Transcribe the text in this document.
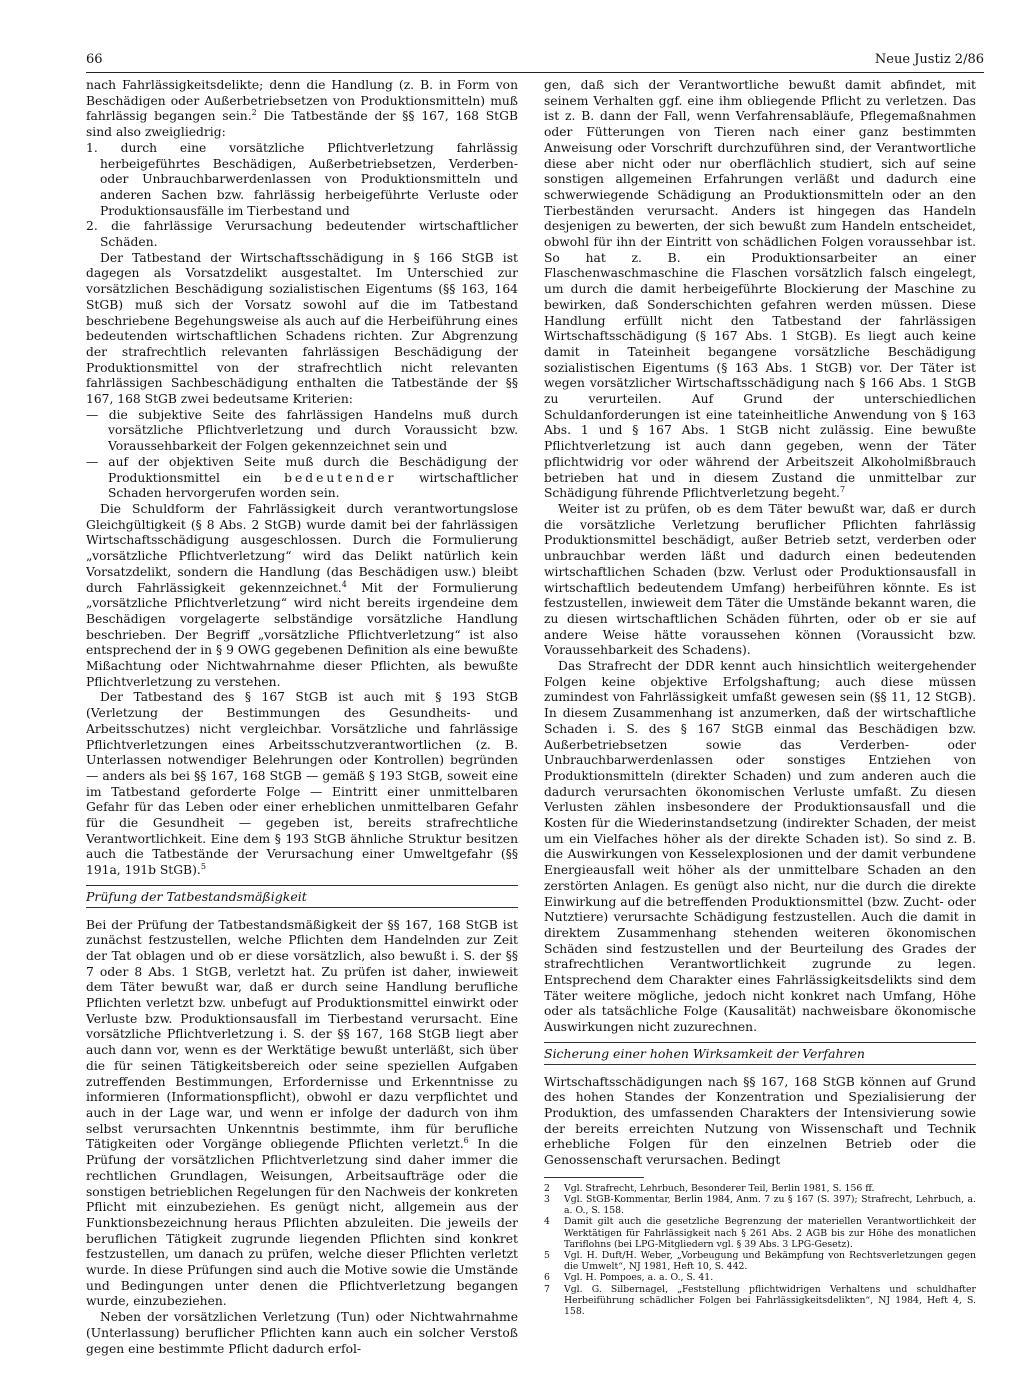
66	Neue Justiz 2/86

nach Fahrlässigkeitsdelikte; denn die Handlung (z. B. in Form von Beschädigen oder Außerbetriebsetzen von Produktionsmitteln) muß fahrlässig begangen sein.$^2$ Die Tatbestände der §§ 167, 168 StGB sind also zweigliedrig:

1. durch eine vorsätzliche Pflichtverletzung fahrlässig herbeigeführtes Beschädigen, Außerbetriebsetzen, Verderben- oder Unbrauchbarwerdenlassen von Produktionsmitteln und anderen Sachen bzw. fahrlässig herbeigeführte Verluste oder Produktionsausfälle im Tierbestand und

2. die fahrlässige Verursachung bedeutender wirtschaftlicher Schäden.

Der Tatbestand der Wirtschaftsschädigung in § 166 StGB ist dagegen als Vorsatzdelikt ausgestaltet. Im Unterschied zur vorsätzlichen Beschädigung sozialistischen Eigentums (§§ 163, 164 StGB) muß sich der Vorsatz sowohl auf die im Tatbestand beschriebene Begehungsweise als auch auf die Herbeiführung eines bedeutenden wirtschaftlichen Schadens richten. Zur Abgrenzung der strafrechtlich relevanten fahrlässigen Beschädigung der Produktionsmittel von der strafrechtlich nicht relevanten fahrlässigen Sachbeschädigung enthalten die Tatbestände der §§ 167, 168 StGB zwei bedeutsame Kriterien:

— die subjektive Seite des fahrlässigen Handelns muß durch vorsätzliche Pflichtverletzung und durch Voraussicht bzw. Voraussehbarkeit der Folgen gekennzeichnet sein und

— auf der objektiven Seite muß durch die Beschädigung der Produktionsmittel ein bedeutender wirtschaftlicher Schaden hervorgerufen worden sein.

Die Schuldform der Fahrlässigkeit durch verantwortungslose Gleichgültigkeit (§ 8 Abs. 2 StGB) wurde damit bei der fahrlässigen Wirtschaftsschädigung ausgeschlossen. Durch die Formulierung „vorsätzliche Pflichtverletzung“ wird das Delikt natürlich kein Vorsatzdelikt, sondern die Handlung (das Beschädigen usw.) bleibt durch Fahrlässigkeit gekennzeichnet.$^4$ Mit der Formulierung „vorsätzliche Pflichtverletzung“ wird nicht bereits irgendeine dem Beschädigen vorgelagerte selbständige vorsätzliche Handlung beschrieben. Der Begriff „vorsätzliche Pflichtverletzung“ ist also entsprechend der in § 9 OWG gegebenen Definition als eine bewußte Mißachtung oder Nichtwahrnahme dieser Pflichten, als bewußte Pflichtverletzung zu verstehen.

Der Tatbestand des § 167 StGB ist auch mit § 193 StGB (Verletzung der Bestimmungen des Gesundheits- und Arbeitsschutzes) nicht vergleichbar. Vorsätzliche und fahrlässige Pflichtverletzungen eines Arbeitsschutzverantwortlichen (z. B. Unterlassen notwendiger Belehrungen oder Kontrollen) begründen — anders als bei §§ 167, 168 StGB — gemäß § 193 StGB, soweit eine im Tatbestand geforderte Folge — Eintritt einer unmittelbaren Gefahr für das Leben oder einer erheblichen unmittelbaren Gefahr für die Gesundheit — gegeben ist, bereits strafrechtliche Verantwortlichkeit. Eine dem § 193 StGB ähnliche Struktur besitzen auch die Tatbestände der Verursachung einer Umweltgefahr (§§ 191a, 191b StGB).$^5$

Prüfung der Tatbestandsmäßigkeit

Bei der Prüfung der Tatbestandsmäßigkeit der §§ 167, 168 StGB ist zunächst festzustellen, welche Pflichten dem Handelnden zur Zeit der Tat oblagen und ob er diese vorsätzlich, also bewußt i. S. der §§ 7 oder 8 Abs. 1 StGB, verletzt hat. Zu prüfen ist daher, inwieweit dem Täter bewußt war, daß er durch seine Handlung berufliche Pflichten verletzt bzw. unbefugt auf Produktionsmittel einwirkt oder Verluste bzw. Produktionsausfall im Tierbestand verursacht. Eine vorsätzliche Pflichtverletzung i. S. der §§ 167, 168 StGB liegt aber auch dann vor, wenn es der Werktätige bewußt unterläßt, sich über die für seinen Tätigkeitsbereich oder seine speziellen Aufgaben zutreffenden Bestimmungen, Erfordernisse und Erkenntnisse zu informieren (Informationspflicht), obwohl er dazu verpflichtet und auch in der Lage war, und wenn er infolge der dadurch von ihm selbst verursachten Unkenntnis bestimmte, ihm für berufliche Tätigkeiten oder Vorgänge obliegende Pflichten verletzt.$^6$ In die Prüfung der vorsätzlichen Pflichtverletzung sind daher immer die rechtlichen Grundlagen, Weisungen, Arbeitsaufträge oder die sonstigen betrieblichen Regelungen für den Nachweis der konkreten Pflicht mit einzubeziehen. Es genügt nicht, allgemein aus der Funktionsbezeichnung heraus Pflichten abzuleiten. Die jeweils der beruflichen Tätigkeit zugrunde liegenden Pflichten sind konkret festzustellen, um danach zu prüfen, welche dieser Pflichten verletzt wurde. In diese Prüfungen sind auch die Motive sowie die Umstände und Bedingungen unter denen die Pflichtverletzung begangen wurde, einzubeziehen.

Neben der vorsätzlichen Verletzung (Tun) oder Nichtwahrnahme (Unterlassung) beruflicher Pflichten kann auch ein solcher Verstoß gegen eine bestimmte Pflicht dadurch erfol-

gen, daß sich der Verantwortliche bewußt damit abfindet, mit seinem Verhalten ggf. eine ihm obliegende Pflicht zu verletzen. Das ist z. B. dann der Fall, wenn Verfahrensabläufe, Pflegemaßnahmen oder Fütterungen von Tieren nach einer ganz bestimmten Anweisung oder Vorschrift durchzuführen sind, der Verantwortliche diese aber nicht oder nur oberflächlich studiert, sich auf seine sonstigen allgemeinen Erfahrungen verläßt und dadurch eine schwerwiegende Schädigung an Produktionsmitteln oder an den Tierbeständen verursacht. Anders ist hingegen das Handeln desjenigen zu bewerten, der sich bewußt zum Handeln entscheidet, obwohl für ihn der Eintritt von schädlichen Folgen voraussehbar ist. So hat z. B. ein Produktionsarbeiter an einer Flaschenwaschmaschine die Flaschen vorsätzlich falsch eingelegt, um durch die damit herbeigeführte Blockierung der Maschine zu bewirken, daß Sonderschichten gefahren werden müssen. Diese Handlung erfüllt nicht den Tatbestand der fahrlässigen Wirtschaftsschädigung (§ 167 Abs. 1 StGB). Es liegt auch keine damit in Tateinheit begangene vorsätzliche Beschädigung sozialistischen Eigentums (§ 163 Abs. 1 StGB) vor. Der Täter ist wegen vorsätzlicher Wirtschaftsschädigung nach § 166 Abs. 1 StGB zu verurteilen. Auf Grund der unterschiedlichen Schuldanforderungen ist eine tateinheitliche Anwendung von § 163 Abs. 1 und § 167 Abs. 1 StGB nicht zulässig. Eine bewußte Pflichtverletzung ist auch dann gegeben, wenn der Täter pflichtwidrig vor oder während der Arbeitszeit Alkoholmißbrauch betrieben hat und in diesem Zustand die unmittelbar zur Schädigung führende Pflichtverletzung begeht.$^7$

Weiter ist zu prüfen, ob es dem Täter bewußt war, daß er durch die vorsätzliche Verletzung beruflicher Pflichten fahrlässig Produktionsmittel beschädigt, außer Betrieb setzt, verderben oder unbrauchbar werden läßt und dadurch einen bedeutenden wirtschaftlichen Schaden (bzw. Verlust oder Produktionsausfall in wirtschaftlich bedeutendem Umfang) herbeiführen könnte. Es ist festzustellen, inwieweit dem Täter die Umstände bekannt waren, die zu diesen wirtschaftlichen Schäden führten, oder ob er sie auf andere Weise hätte voraussehen können (Voraussicht bzw. Voraussehbarkeit des Schadens).

Das Strafrecht der DDR kennt auch hinsichtlich weitergehender Folgen keine objektive Erfolgshaftung; auch diese müssen zumindest von Fahrlässigkeit umfaßt gewesen sein (§§ 11, 12 StGB). In diesem Zusammenhang ist anzumerken, daß der wirtschaftliche Schaden i. S. des § 167 StGB einmal das Beschädigen bzw. Außerbetriebsetzen sowie das Verderben- oder Unbrauchbarwerdenlassen oder sonstiges Entziehen von Produktionsmitteln (direkter Schaden) und zum anderen auch die dadurch verursachten ökonomischen Verluste umfaßt. Zu diesen Verlusten zählen insbesondere der Produktionsausfall und die Kosten für die Wiederinstandsetzung (indirekter Schaden, der meist um ein Vielfaches höher als der direkte Schaden ist). So sind z. B. die Auswirkungen von Kesselexplosionen und der damit verbundene Energieausfall weit höher als der unmittelbare Schaden an den zerstörten Anlagen. Es genügt also nicht, nur die durch die direkte Einwirkung auf die betreffenden Produktionsmittel (bzw. Zucht- oder Nutztiere) verursachte Schädigung festzustellen. Auch die damit in direktem Zusammenhang stehenden weiteren ökonomischen Schäden sind festzustellen und der Beurteilung des Grades der strafrechtlichen Verantwortlichkeit zugrunde zu legen. Entsprechend dem Charakter eines Fahrlässigkeitsdelikts sind dem Täter weitere mögliche, jedoch nicht konkret nach Umfang, Höhe oder als tatsächliche Folge (Kausalität) nachweisbare ökonomische Auswirkungen nicht zuzurechnen.

Sicherung einer hohen Wirksamkeit der Verfahren

Wirtschaftsschädigungen nach §§ 167, 168 StGB können auf Grund des hohen Standes der Konzentration und Spezialisierung der Produktion, des umfassenden Charakters der Intensivierung sowie der bereits erreichten Nutzung von Wissenschaft und Technik erhebliche Folgen für den einzelnen Betrieb oder die Genossenschaft verursachen. Bedingt

2 Vgl. Strafrecht, Lehrbuch, Besonderer Teil, Berlin 1981, S. 156 ff.

3 Vgl. StGB-Kommentar, Berlin 1984, Anm. 7 zu § 167 (S. 397); Strafrecht, Lehrbuch, a. a. O., S. 158.

4 Damit gilt auch die gesetzliche Begrenzung der materiellen Verantwortlichkeit der Werktätigen für Fahrlässigkeit nach § 261 Abs. 2 AGB bis zur Höhe des monatlichen Tariflohns (bei LPG-Mitgliedern vgl. § 39 Abs. 3 LPG-Gesetz).

5 Vgl. H. Duft/H. Weber, „Vorbeugung und Bekämpfung von Rechtsverletzungen gegen die Umwelt“, NJ 1981, Heft 10, S. 442.

6 Vgl. H. Pompoes, a. a. O., S. 41.

7 Vgl. G. Silbernagel, „Feststellung pflichtwidrigen Verhaltens und schuldhafter Herbeiführung schädlicher Folgen bei Fahrlässigkeitsdelikten“, NJ 1984, Heft 4, S. 158.
